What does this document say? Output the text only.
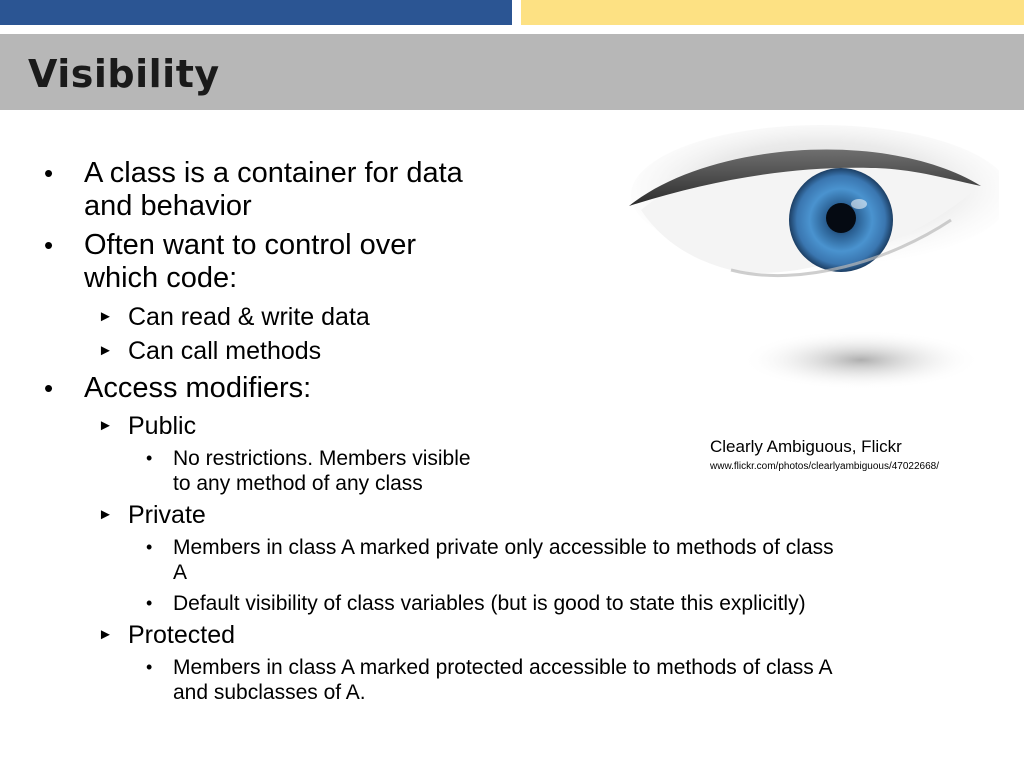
Visibility
• A class is a container for data
and behavior
• Often want to control over
which code:
► Can read & write data
► Can call methods
• Access modifiers:
► Public
• No restrictions. Members visible
to any method of any class
► Private
• Members in class A marked private only accessible to methods of class
A
• Default visibility of class variables (but is good to state this explicitly)
► Protected
• Members in class A marked protected accessible to methods of class A
and subclasses of A.
Clearly Ambiguous, Flickr
www.flickr.com/photos/clearlyambiguous/47022668/
